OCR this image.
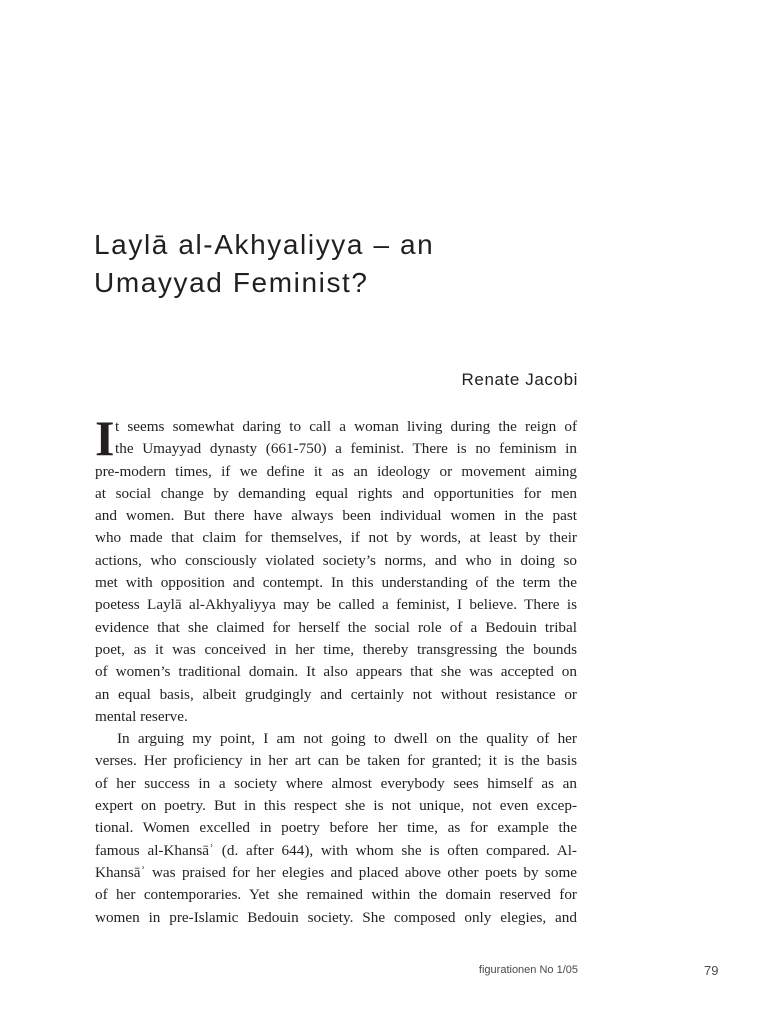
Laylā al-Akhyaliyya – an
Umayyad Feminist?
Renate Jacobi
I t seems somewhat daring to call a woman living during the reign of
the Umayyad dynasty (661-750) a feminist. There is no feminism in
pre-modern times, if we define it as an ideology or movement aiming
at social change by demanding equal rights and opportunities for men
and women. But there have always been individual women in the past
who made that claim for themselves, if not by words, at least by their
actions, who consciously violated society’s norms, and who in doing so
met with opposition and contempt. In this understanding of the term the
poetess Laylā al-Akhyaliyya may be called a feminist, I believe. There is
evidence that she claimed for herself the social role of a Bedouin tribal
poet, as it was conceived in her time, thereby transgressing the bounds
of women’s traditional domain. It also appears that she was accepted on
an equal basis, albeit grudgingly and certainly not without resistance or
mental reserve.
In arguing my point, I am not going to dwell on the quality of her
verses. Her proficiency in her art can be taken for granted; it is the basis
of her success in a society where almost everybody sees himself as an
expert on poetry. But in this respect she is not unique, not even excep-
tional. Women excelled in poetry before her time, as for example the
famous al-Khansāʾ (d. after 644), with whom she is often compared. Al-
Khansāʾ was praised for her elegies and placed above other poets by some
of her contemporaries. Yet she remained within the domain reserved for
women in pre-Islamic Bedouin society. She composed only elegies, and
figurationen No 1/05	79
